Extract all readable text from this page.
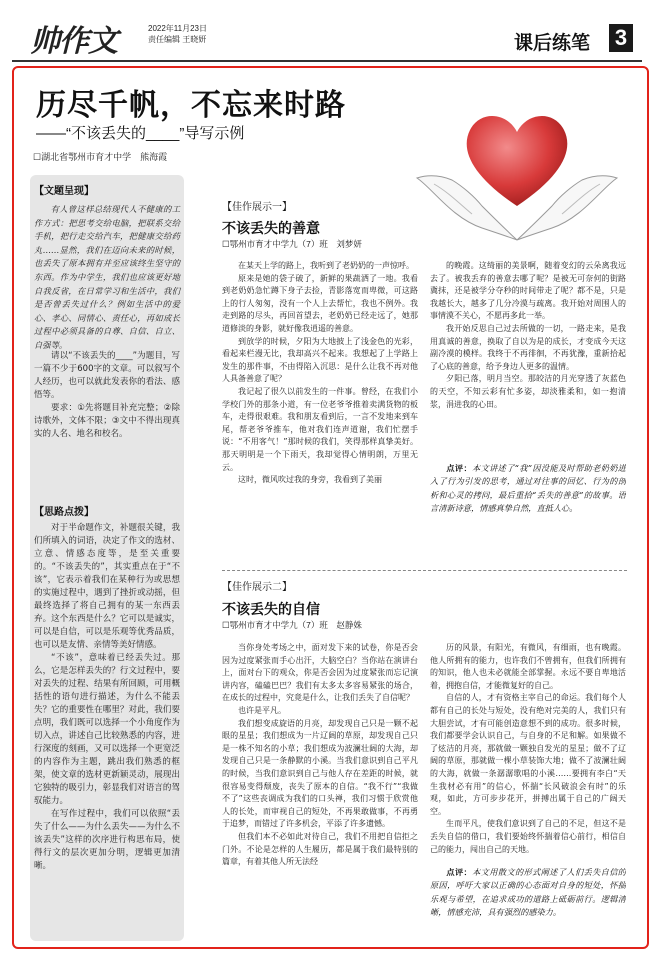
帅作文	2022年11月23日
责任编辑 王晓妍	课后练笔 3
历尽千帆，不忘来时路
——“不该丢失的____”导写示例
☐湖北省鄂州市育才中学　熊海霞
【文题呈现】

有人曾这样总结现代人不健康的工作方式：把思考交给电脑，把联系交给手机，把行走交给汽车，把健康交给药丸……显然，我们在迈向未来的时候，也丢失了原本拥有并至应该终生坚守的东西。作为中学生，我们也应该更好地自我反省，在日常学习和生活中，我们是否曾丢失过什么？例如生活中的爱心、孝心、同情心、责任心，再如成长过程中必须具备的自尊、自信、自立、自强等。

请以“不该丢失的____”为题目，写一篇不少于600字的文章。可以叙写个人经历，也可以就此发表你的看法、感悟等。

要求：①先将题目补充完整；②除诗歌外，文体不限；③文中不得出现真实的人名、地名和校名。

【思路点拨】

对于半命题作文，补题很关键，我们所填入的词语，决定了作文的选材、立意、情感态度等，是至关重要的。“不该丢失的”，其实重点在于“不该”，它表示着我们在某种行为或思想的实施过程中，遇到了挫折或动摇，但最终选择了将自己拥有的某一东西丢弃。这个东西是什么？它可以是诚实，可以是自信，可以是乐观等优秀品质，也可以是友情、亲情等美好情感。

“不该”，意味着已经丢失过。那么，它是怎样丢失的？行文过程中，要对丢失的过程、结果有所回顾，可用概括性的语句进行描述，为什么不能丢失？它的重要性在哪里？对此，我们要点明，我们既可以选择一个小角度作为切入点，讲述自己比较熟悉的内容，进行深度的刻画，又可以选择一个更宽泛的内容作为主题，跳出我们熟悉的框架，使文章的选材更新颖灵动，展现出它独特的吸引力，彰显我们对语言的驾驭能力。

在写作过程中，我们可以依照“丢失了什么——为什么丢失——为什么不该丢失”这样的次序进行构思布局，使得行文的层次更加分明，逻辑更加清晰。

【佳作展示一】
不该丢失的善意
☐鄂州市育才中学九（7）班　刘梦妍

在某天上学的路上，我听到了老奶奶的一声惊呼。

原来是她的袋子破了，新鲜的果蔬洒了一地。我看到老奶奶急忙蹲下身子去捡，青影落宽而卑微，可这路上的行人匆匆，没有一个人上去帮忙，我也不例外。我走到路的尽头，再回首望去，老奶奶已经走远了，她那道修淡的身影，就好像我逍遥的善意。

到放学的时候，夕阳为大地披上了浅金色的光彩，看起来栏漫无比，我却高兴不起来。我想起了上学路上发生的那件事，不由得陷入沉思：是什么让我不再对他人具备善意了呢？

我记起了很久以前发生的一件事。曾经，在我们小学校门外的那条小道，有一位老爷爷推着卖满货物的板车，走得很艰难。我和朋友看到后，一言不发地来到车尾，帮老爷爷推车，他对我们连声道谢，我们忙摆手说：“不用客气！”那时候的我们，笑得那样真挚美好。那天明明是一个下雨天，我却觉得心情明朗，万里无云。

这时，微风吹过我的身旁，我看到了美丽

的晚霞。这绮丽的美景啊，随着变幻的云朵离我远去了。被我丢弃的善意去哪了呢？是被无可奈何的街路冀抹，还是被学分夺秒的时间带走了呢？都不是，只是我越长大，越多了几分冷漠与疏离。我开始对周围人的事情漠不关心，不愿再多此一举。

我开始反思自己过去所做的一切，一路走来，是我用真诚的善意，换取了自以为是的成长，才变成今天这副冷漠的模样。我终于不再徘徊，不再犹豫，重新拾起了心底的善意，给予身边人更多的温情。

夕阳已落，明月当空。那皎洁的月光穿透了灰蓝色的天空，不知云彩有忙多姿，却淡雅柔和，如一抱清浆，涓进我的心田。

点评：本文讲述了“我”因没能及时帮助老奶奶进入了行为引发的思考，通过对往事的回忆、行为的剖析和心灵的拷问，最后重拾“丢失的善意”的故事。语言清新诗意，情感真挚自然，直抵人心。

【佳作展示二】
不该丢失的自信
☐鄂州市育才中学九（7）班　赵静姝

当你身处考场之中，面对发下来的试卷，你是否会因为过度紧张而手心出汗，大脑空白？当你站在演讲台上，面对台下的观众，你是否会因为过度紧张而忘记演讲内容，磕磕巴巴？我们有太多太多容易紧张的场合，在成长的过程中，究竟是什么，让我们丢失了自信呢？

也许是平凡。

我们想变成旋语的月亮，却发现自己只是一颗不起眼的星星；我们想成为一片辽阔的草原，却发现自己只是一株不知名的小草；我们想成为波澜壮阔的大海，却发现自己只是一条静默的小溪。当我们意识到自己平凡的时候，当我们意识到自己与他人存在差距的时候，就很容易变得颓废，丧失了原本的自信。“我不行”“我做不了”这些丧调成为我们的口头禅，我们习惯于欣赏他人的长处，而审视自己的短处，不再果敢做事，不再勇于追梦，而错过了许多机会，平添了许多遗憾。

但我们本不必如此对待自己，我们不用把自信拒之门外。不论是怎样的人生履历，都是属于我们最特别的篇章，有着其他人所无法经

历的风景，有阳光，有微风，有细雨，也有晚霞。他人所拥有的能力，也许我们不曾拥有，但我们所拥有的知识，他人也未必就能全部掌握。永远不要自卑地活着，拥抱自信，才能微复好的自己。

自信的人，才有资格主宰自己的命运。我们每个人都有自己的长处与短处，没有绝对完美的人，我们只有大胆尝试，才有可能创造意想不到的成功。很多时候，我们都要学会认识自己，与自身的不足和解。如果做不了炫洁的月亮，那就做一颗独自发光的星星；做不了辽阔的草原，那就做一棵小草装饰大地；做不了波澜壮阔的大海，就做一条潺潺歌唱的小溪……要拥有李白“天生我材必有用”的信心，怀揣“长风破浪会有时”的乐观，如此，方可步步花开，拼搏出属于自己的广阔天空。

生而平凡，使我们意识到了自己的不足，但这不是丢失自信的借口，我们要始终怀揣着信心前行，相信自己的能力，闯出自己的天地。

点评：本文用散文的形式阐述了人们丢失自信的原因，呼吁大家以正确的心态面对自身的短处，怀揣乐观与希望，在追求成功的道路上砥砺前行。逻辑清晰，情感充沛，具有强烈的感染力。
